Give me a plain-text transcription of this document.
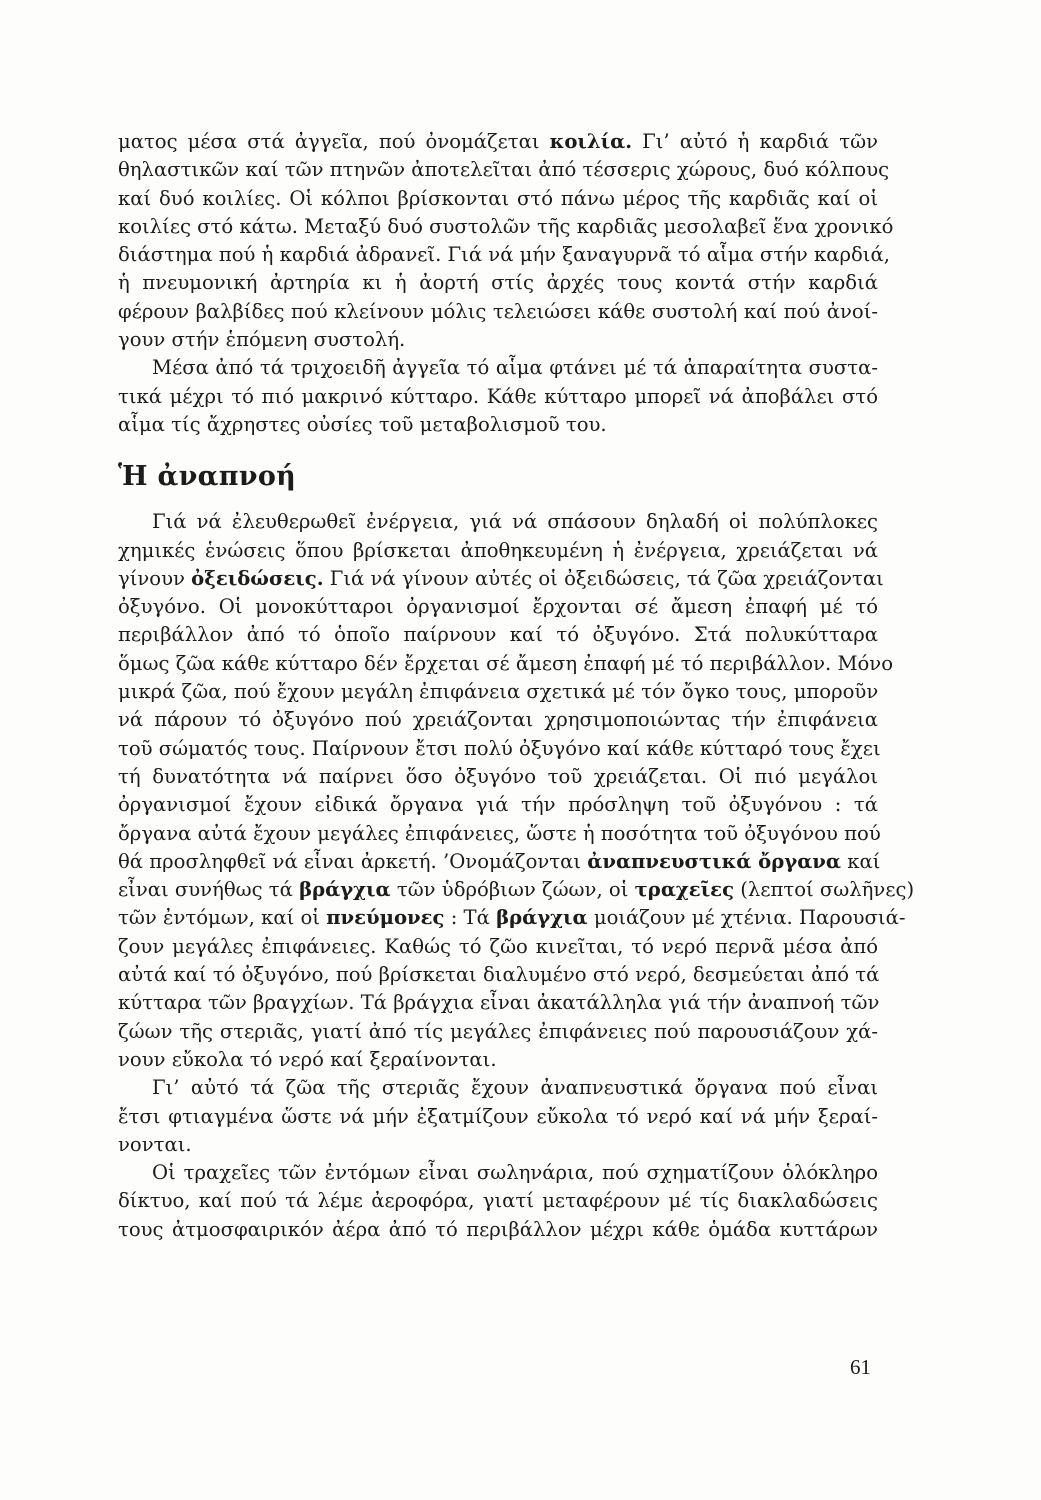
ματος μέσα στά ἀγγεῖα, πού ὀνομάζεται κοιλία. Γι’ αὐτό ἡ καρδιά τῶν
θηλαστικῶν καί τῶν πτηνῶν ἀποτελεῖται ἀπό τέσσερις χώρους, δυό κόλπους
καί δυό κοιλίες. Οἱ κόλποι βρίσκονται στό πάνω μέρος τῆς καρδιᾶς καί οἱ
κοιλίες στό κάτω. Μεταξύ δυό συστολῶν τῆς καρδιᾶς μεσολαβεῖ ἕνα χρονικό
διάστημα πού ἡ καρδιά ἀδρανεῖ. Γιά νά μήν ξαναγυρνᾶ τό αἷμα στήν καρδιά,
ἡ πνευμονική ἀρτηρία κι ἡ ἀορτή στίς ἀρχές τους κοντά στήν καρδιά
φέρουν βαλβίδες πού κλείνουν μόλις τελειώσει κάθε συστολή καί πού ἀνοί-
γουν στήν ἑπόμενη συστολή.
Μέσα ἀπό τά τριχοειδῆ ἀγγεῖα τό αἷμα φτάνει μέ τά ἀπαραίτητα συστα-
τικά μέχρι τό πιό μακρινό κύτταρο. Κάθε κύτταρο μπορεῖ νά ἀποβάλει στό
αἷμα τίς ἄχρηστες οὐσίες τοῦ μεταβολισμοῦ του.
Ἡ ἀναπνοή
Γιά νά ἐλευθερωθεῖ ἐνέργεια, γιά νά σπάσουν δηλαδή οἱ πολύπλοκες
χημικές ἑνώσεις ὅπου βρίσκεται ἀποθηκευμένη ἡ ἐνέργεια, χρειάζεται νά
γίνουν ὀξειδώσεις. Γιά νά γίνουν αὐτές οἱ ὀξειδώσεις, τά ζῶα χρειάζονται
ὀξυγόνο. Οἱ μονοκύτταροι ὀργανισμοί ἔρχονται σέ ἄμεση ἐπαφή μέ τό
περιβάλλον ἀπό τό ὁποῖο παίρνουν καί τό ὀξυγόνο. Στά πολυκύτταρα
ὅμως ζῶα κάθε κύτταρο δέν ἔρχεται σέ ἄμεση ἐπαφή μέ τό περιβάλλον. Μόνο
μικρά ζῶα, πού ἔχουν μεγάλη ἐπιφάνεια σχετικά μέ τόν ὄγκο τους, μποροῦν
νά πάρουν τό ὀξυγόνο πού χρειάζονται χρησιμοποιώντας τήν ἐπιφάνεια
τοῦ σώματός τους. Παίρνουν ἔτσι πολύ ὀξυγόνο καί κάθε κύτταρό τους ἔχει
τή δυνατότητα νά παίρνει ὅσο ὀξυγόνο τοῦ χρειάζεται. Οἱ πιό μεγάλοι
ὀργανισμοί ἔχουν εἰδικά ὄργανα γιά τήν πρόσληψη τοῦ ὀξυγόνου : τά
ὄργανα αὐτά ἔχουν μεγάλες ἐπιφάνειες, ὥστε ἡ ποσότητα τοῦ ὀξυγόνου πού
θά προσληφθεῖ νά εἶναι ἀρκετή. ’Ονομάζονται ἀναπνευστικά ὄργανα καί
εἶναι συνήθως τά βράγχια τῶν ὑδρόβιων ζώων, οἱ τραχεῖες (λεπτοί σωλῆνες)
τῶν ἐντόμων, καί οἱ πνεύμονες : Τά βράγχια μοιάζουν μέ χτένια. Παρουσιά-
ζουν μεγάλες ἐπιφάνειες. Καθώς τό ζῶο κινεῖται, τό νερό περνᾶ μέσα ἀπό
αὐτά καί τό ὀξυγόνο, πού βρίσκεται διαλυμένο στό νερό, δεσμεύεται ἀπό τά
κύτταρα τῶν βραγχίων. Τά βράγχια εἶναι ἀκατάλληλα γιά τήν ἀναπνοή τῶν
ζώων τῆς στεριᾶς, γιατί ἀπό τίς μεγάλες ἐπιφάνειες πού παρουσιάζουν χά-
νουν εὔκολα τό νερό καί ξεραίνονται.
Γι’ αὐτό τά ζῶα τῆς στεριᾶς ἔχουν ἀναπνευστικά ὄργανα πού εἶναι
ἔτσι φτιαγμένα ὥστε νά μήν ἐξατμίζουν εὔκολα τό νερό καί νά μήν ξεραί-
νονται.
Οἱ τραχεῖες τῶν ἐντόμων εἶναι σωληνάρια, πού σχηματίζουν ὁλόκληρο
δίκτυο, καί πού τά λέμε ἀεροφόρα, γιατί μεταφέρουν μέ τίς διακλαδώσεις
τους ἀτμοσφαιρικόν ἀέρα ἀπό τό περιβάλλον μέχρι κάθε ὁμάδα κυττάρων
61
